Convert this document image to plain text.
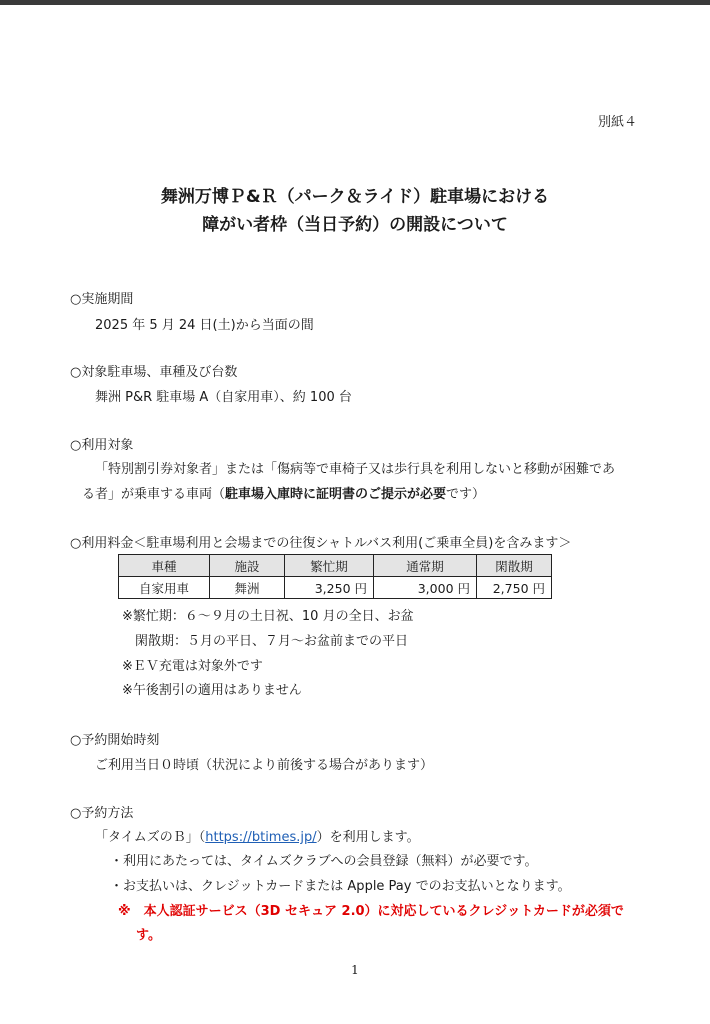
別紙４
舞洲万博Ｐ&Ｒ（パーク＆ライド）駐車場における
障がい者枠（当日予約）の開設について
○実施期間
2025 年 5 月 24 日(土)から当面の間
○対象駐車場、車種及び台数
舞洲 P&R 駐車場 A（自家用車）、約 100 台
○利用対象
「特別割引券対象者」または「傷病等で車椅子又は歩行具を利用しないと移動が困難であ
る者」が乗車する車両（駐車場入庫時に証明書のご提示が必要です）
○利用料金＜駐車場利用と会場までの往復シャトルバス利用(ご乗車全員)を含みます＞
車種	施設	繁忙期	通常期	閑散期
自家用車	舞洲	3,250 円	3,000 円	2,750 円
※繁忙期：６～９月の土日祝、10 月の全日、お盆
　閑散期：５月の平日、７月～お盆前までの平日
※ＥＶ充電は対象外です
※午後割引の適用はありません
○予約開始時刻
ご利用当日０時頃（状況により前後する場合があります）
○予約方法
「タイムズのＢ」（https://btimes.jp/）を利用します。
・利用にあたっては、タイムズクラブへの会員登録（無料）が必要です。
・お支払いは、クレジットカードまたは Apple Pay でのお支払いとなります。
※　本人認証サービス（3D セキュア 2.0）に対応しているクレジットカードが必須で
す。
1
